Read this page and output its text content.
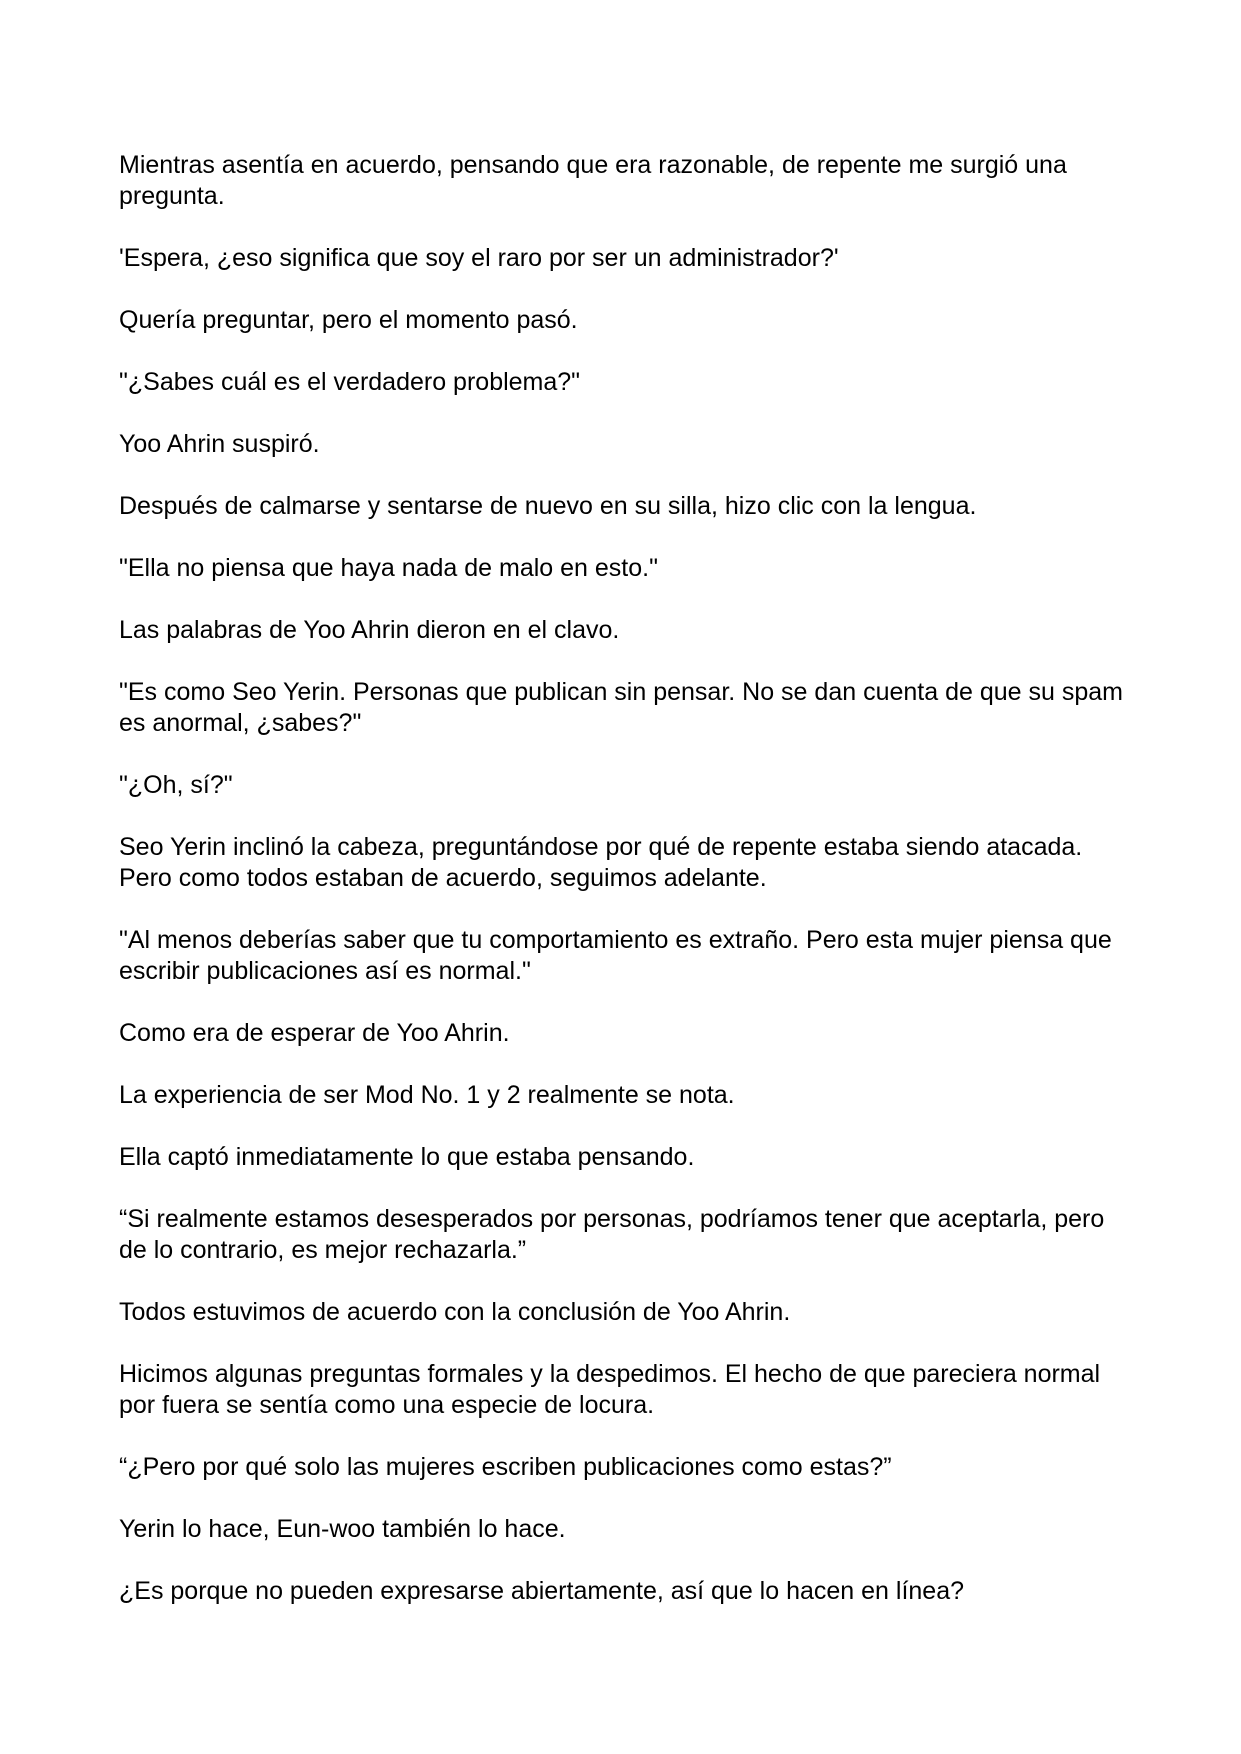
Mientras asentía en acuerdo, pensando que era razonable, de repente me surgió una pregunta.

'Espera, ¿eso significa que soy el raro por ser un administrador?'

Quería preguntar, pero el momento pasó.

"¿Sabes cuál es el verdadero problema?"

Yoo Ahrin suspiró.

Después de calmarse y sentarse de nuevo en su silla, hizo clic con la lengua.

"Ella no piensa que haya nada de malo en esto."

Las palabras de Yoo Ahrin dieron en el clavo.

"Es como Seo Yerin. Personas que publican sin pensar. No se dan cuenta de que su spam es anormal, ¿sabes?"

"¿Oh, sí?"

Seo Yerin inclinó la cabeza, preguntándose por qué de repente estaba siendo atacada. Pero como todos estaban de acuerdo, seguimos adelante.

"Al menos deberías saber que tu comportamiento es extraño. Pero esta mujer piensa que escribir publicaciones así es normal."

Como era de esperar de Yoo Ahrin.

La experiencia de ser Mod No. 1 y 2 realmente se nota.

Ella captó inmediatamente lo que estaba pensando.

“Si realmente estamos desesperados por personas, podríamos tener que aceptarla, pero de lo contrario, es mejor rechazarla.”

Todos estuvimos de acuerdo con la conclusión de Yoo Ahrin.

Hicimos algunas preguntas formales y la despedimos. El hecho de que pareciera normal por fuera se sentía como una especie de locura.

“¿Pero por qué solo las mujeres escriben publicaciones como estas?”

Yerin lo hace, Eun-woo también lo hace.

¿Es porque no pueden expresarse abiertamente, así que lo hacen en línea?
